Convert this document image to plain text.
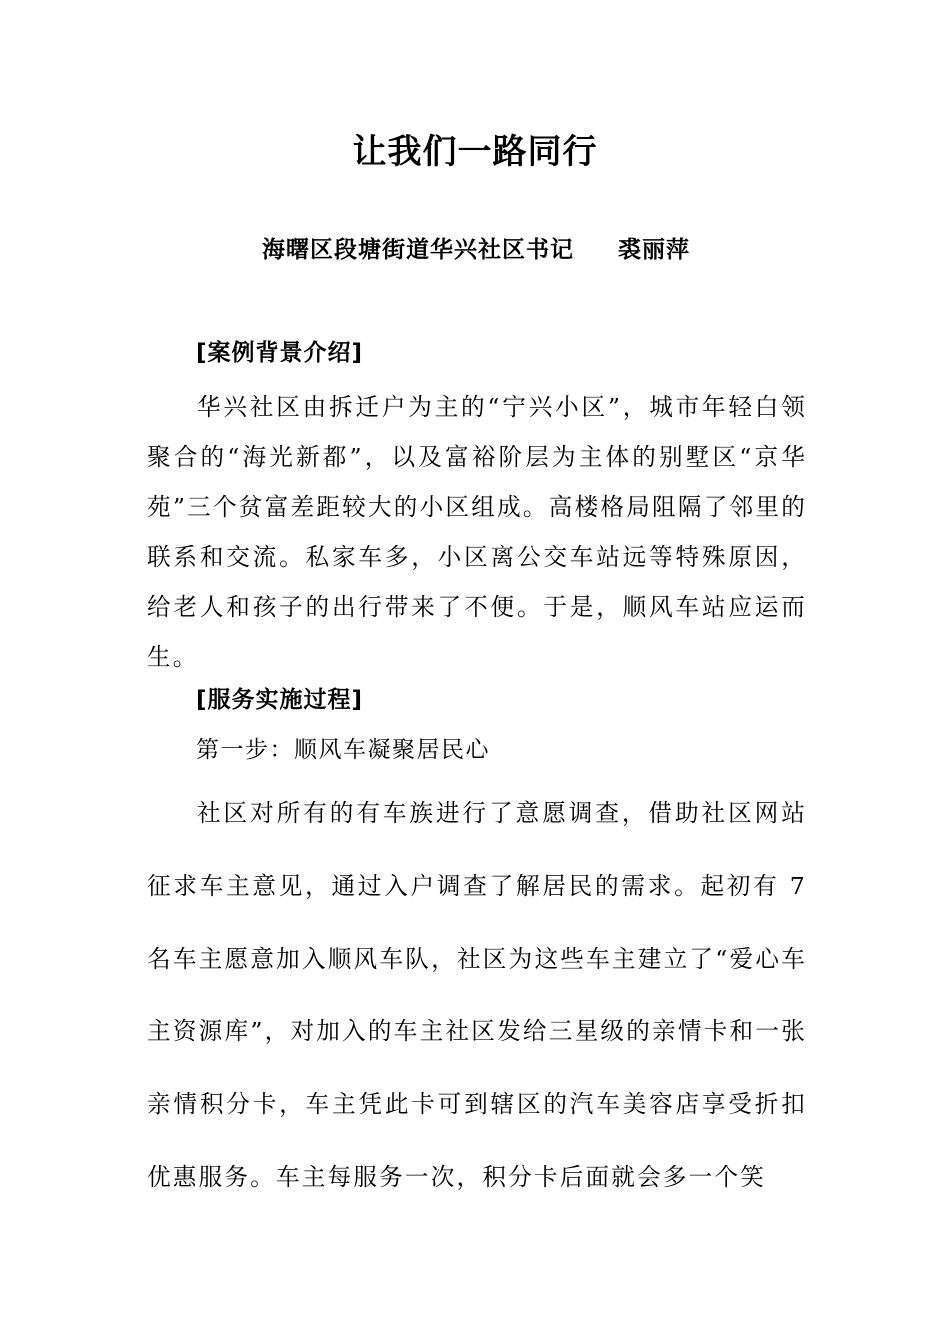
让我们一路同行
海曙区段塘街道华兴社区书记 裘丽萍
[案例背景介绍]

华兴社区由拆迁户为主的“宁兴小区”，城市年轻白领聚合的“海光新都”，以及富裕阶层为主体的别墅区“京华苑”三个贫富差距较大的小区组成。高楼格局阻隔了邻里的联系和交流。私家车多，小区离公交车站远等特殊原因，给老人和孩子的出行带来了不便。于是，顺风车站应运而生。

[服务实施过程]
第一步：顺风车凝聚居民心

社区对所有的有车族进行了意愿调查，借助社区网站征求车主意见，通过入户调查了解居民的需求。起初有 7 名车主愿意加入顺风车队，社区为这些车主建立了“爱心车主资源库”，对加入的车主社区发给三星级的亲情卡和一张亲情积分卡，车主凭此卡可到辖区的汽车美容店享受折扣优惠服务。车主每服务一次，积分卡后面就会多一个笑
